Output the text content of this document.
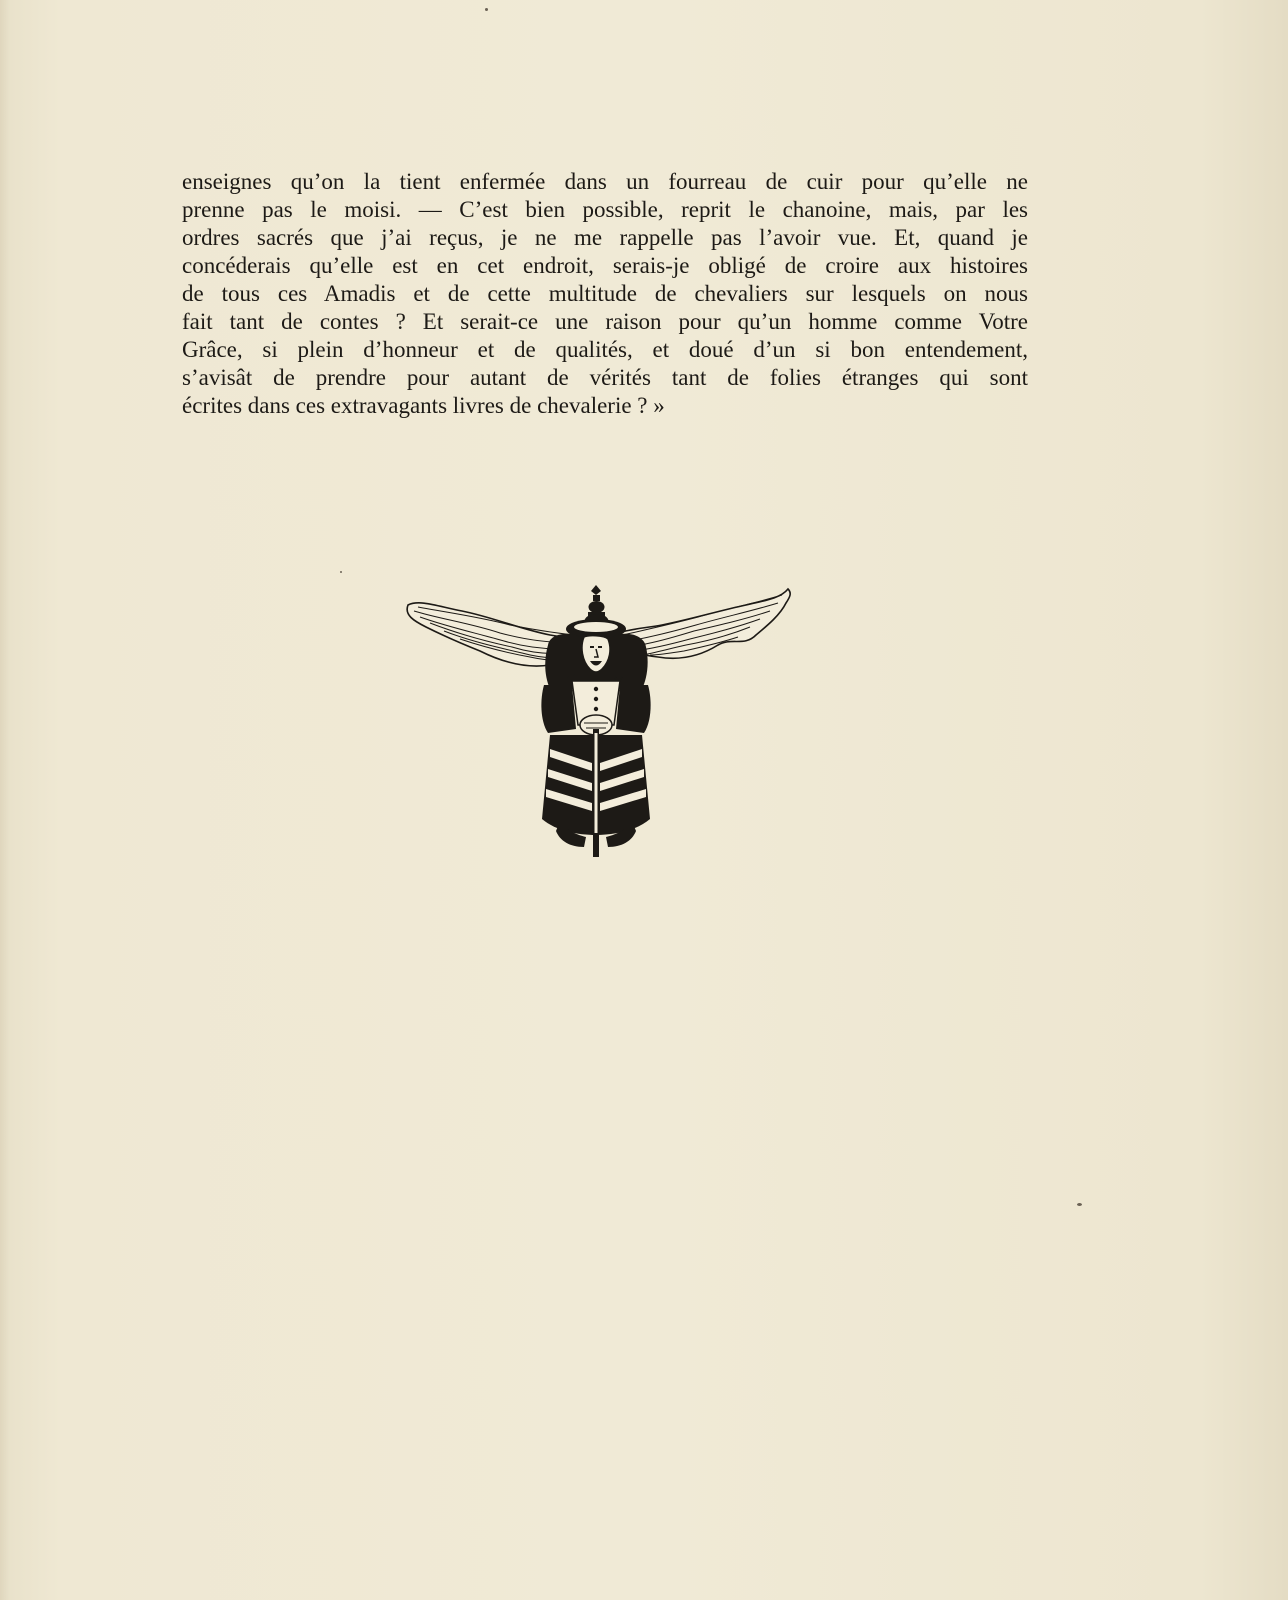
enseignes qu’on la tient enfermée dans un fourreau de cuir pour qu’elle ne
prenne pas le moisi. — C’est bien possible, reprit le chanoine, mais, par les
ordres sacrés que j’ai reçus, je ne me rappelle pas l’avoir vue. Et, quand je
concéderais qu’elle est en cet endroit, serais-je obligé de croire aux histoires
de tous ces Amadis et de cette multitude de chevaliers sur lesquels on nous
fait tant de contes ? Et serait-ce une raison pour qu’un homme comme Votre
Grâce, si plein d’honneur et de qualités, et doué d’un si bon entendement,
s’avisât de prendre pour autant de vérités tant de folies étranges qui sont
écrites dans ces extravagants livres de chevalerie ? »
